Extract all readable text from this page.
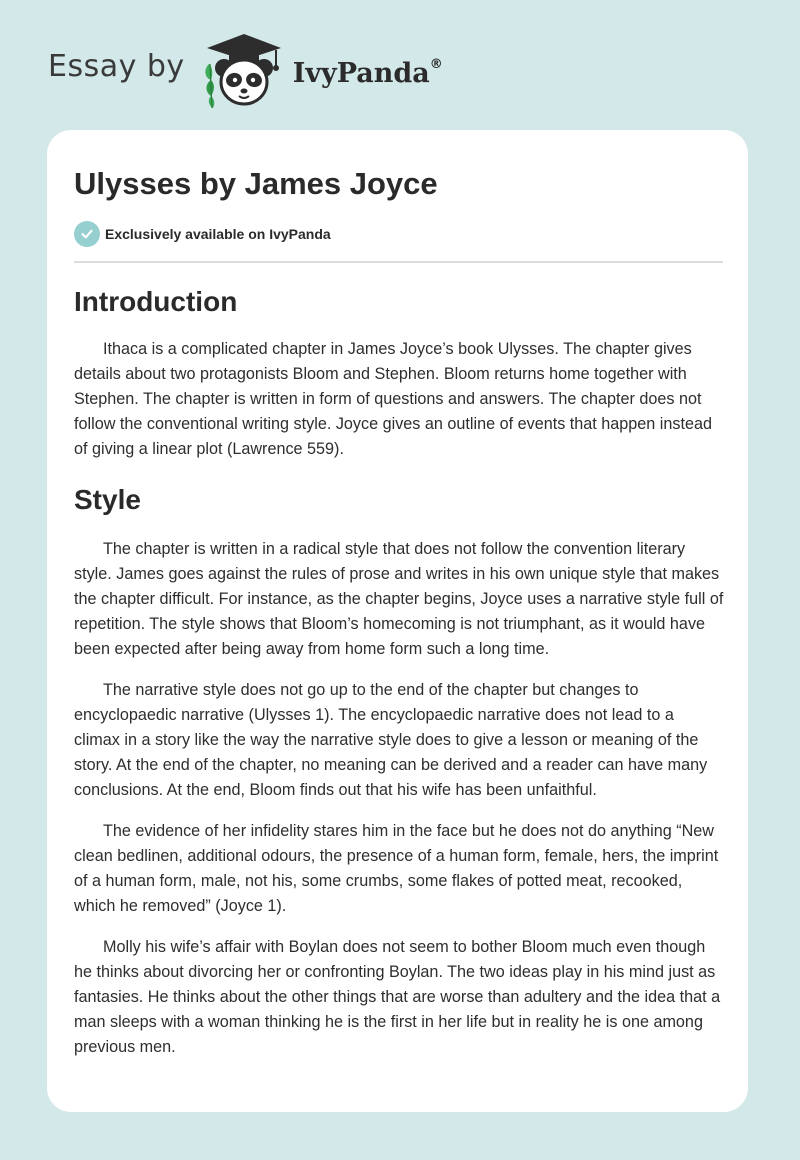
Essay by	IvyPanda®
Ulysses by James Joyce
Exclusively available on IvyPanda
Introduction

Ithaca is a complicated chapter in James Joyce’s book Ulysses. The chapter gives details about two protagonists Bloom and Stephen. Bloom returns home together with Stephen. The chapter is written in form of questions and answers. The chapter does not follow the conventional writing style. Joyce gives an outline of events that happen instead of giving a linear plot (Lawrence 559).

Style

The chapter is written in a radical style that does not follow the convention literary style. James goes against the rules of prose and writes in his own unique style that makes the chapter difficult. For instance, as the chapter begins, Joyce uses a narrative style full of repetition. The style shows that Bloom’s homecoming is not triumphant, as it would have been expected after being away from home form such a long time.

The narrative style does not go up to the end of the chapter but changes to encyclopaedic narrative (Ulysses 1). The encyclopaedic narrative does not lead to a climax in a story like the way the narrative style does to give a lesson or meaning of the story. At the end of the chapter, no meaning can be derived and a reader can have many conclusions. At the end, Bloom finds out that his wife has been unfaithful.

The evidence of her infidelity stares him in the face but he does not do anything “New clean bedlinen, additional odours, the presence of a human form, female, hers, the imprint of a human form, male, not his, some crumbs, some flakes of potted meat, recooked, which he removed” (Joyce 1).

Molly his wife’s affair with Boylan does not seem to bother Bloom much even though he thinks about divorcing her or confronting Boylan. The two ideas play in his mind just as fantasies. He thinks about the other things that are worse than adultery and the idea that a man sleeps with a woman thinking he is the first in her life but in reality he is one among previous men.
